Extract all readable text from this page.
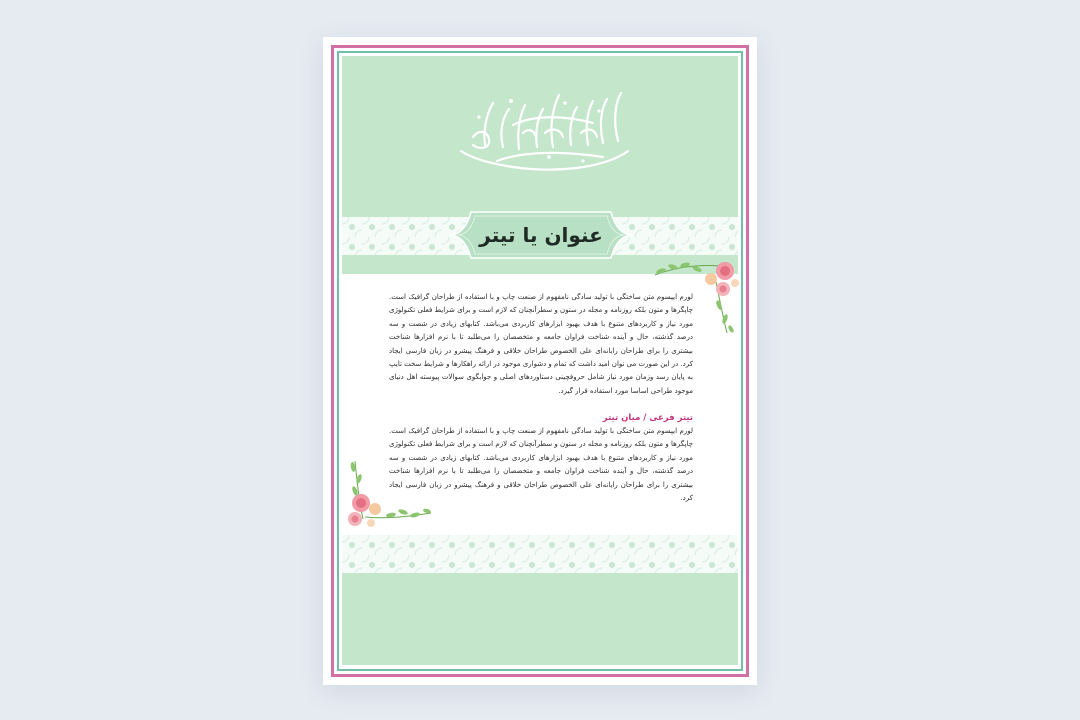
عنوان یا تیتر
لورم ایپسوم متن ساختگی با تولید سادگی نامفهوم از صنعت چاپ و با استفاده از طراحان گرافیک است. چاپگرها و متون بلکه روزنامه و مجله در ستون و سطرآنچنان که لازم است و برای شرایط فعلی تکنولوژی مورد نیاز و کاربردهای متنوع با هدف بهبود ابزارهای کاربردی می‌باشد. کتابهای زیادی در شصت و سه درصد گذشته، حال و آینده شناخت فراوان جامعه و متخصصان را می‌طلبد تا با نرم افزارها شناخت بیشتری را برای طراحان رایانه‌ای علی الخصوص طراحان خلاقی و فرهنگ پیشرو در زبان فارسی ایجاد کرد. در این صورت می توان امید داشت که تمام و دشواری موجود در ارائه راهکارها و شرایط سخت تایپ به پایان رسد وزمان مورد نیاز شامل حروفچینی دستاوردهای اصلی و جوابگوی سوالات پیوسته اهل دنیای موجود طراحی اساسا مورد استفاده قرار گیرد.
تیتر فرعی / میان تیتر
لورم ایپسوم متن ساختگی با تولید سادگی نامفهوم از صنعت چاپ و با استفاده از طراحان گرافیک است. چاپگرها و متون بلکه روزنامه و مجله در ستون و سطرآنچنان که لازم است و برای شرایط فعلی تکنولوژی مورد نیاز و کاربردهای متنوع با هدف بهبود ابزارهای کاربردی می‌باشد. کتابهای زیادی در شصت و سه درصد گذشته، حال و آینده شناخت فراوان جامعه و متخصصان را می‌طلبد تا با نرم افزارها شناخت بیشتری را برای طراحان رایانه‌ای علی الخصوص طراحان خلاقی و فرهنگ پیشرو در زبان فارسی ایجاد کرد.
